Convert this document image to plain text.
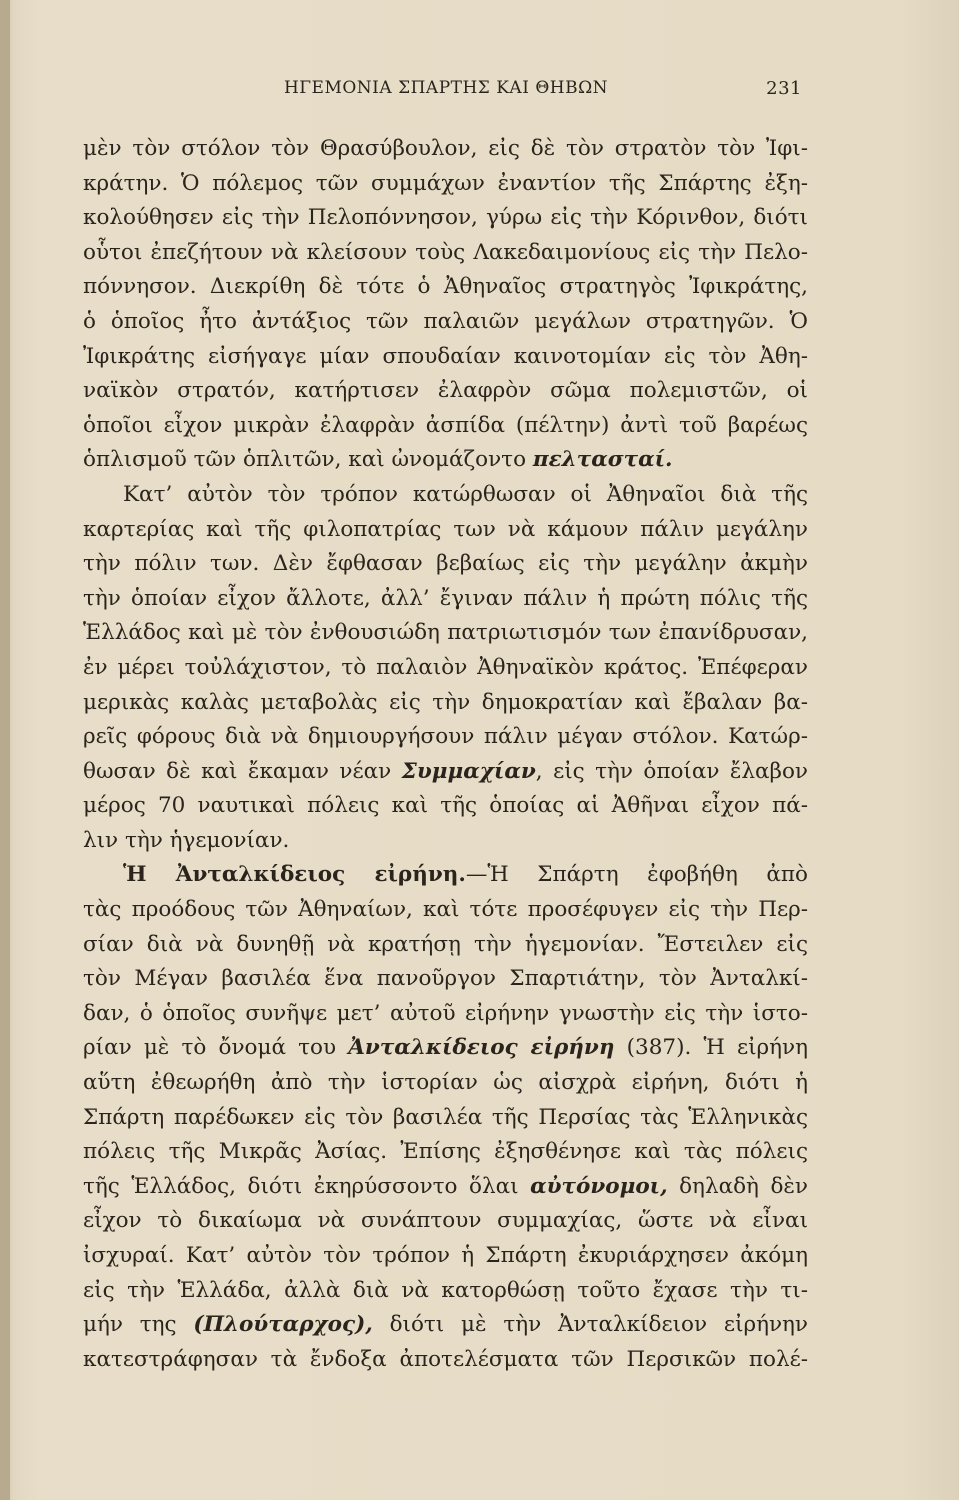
ΗΓΕΜΟΝΙΑ ΣΠΑΡΤΗΣ ΚΑΙ ΘΗΒΩΝ	231
μὲν τὸν στόλον τὸν Θρασύβουλον, εἰς δὲ τὸν στρατὸν τὸν Ἰφι-
κράτην. Ὁ πόλεμος τῶν συμμάχων ἐναντίον τῆς Σπάρτης ἐξη-
κολούθησεν εἰς τὴν Πελοπόννησον, γύρω εἰς τὴν Κόρινθον, διότι
οὗτοι ἐπεζήτουν νὰ κλείσουν τοὺς Λακεδαιμονίους εἰς τὴν Πελο-
πόννησον. Διεκρίθη δὲ τότε ὁ Ἀθηναῖος στρατηγὸς Ἰφικράτης,
ὁ ὁποῖος ἦτο ἀντάξιος τῶν παλαιῶν μεγάλων στρατηγῶν. Ὁ
Ἰφικράτης εἰσήγαγε μίαν σπουδαίαν καινοτομίαν εἰς τὸν Ἀθη-
ναϊκὸν στρατόν, κατήρτισεν ἐλαφρὸν σῶμα πολεμιστῶν, οἱ
ὁποῖοι εἶχον μικρὰν ἐλαφρὰν ἀσπίδα (πέλτην) ἀντὶ τοῦ βαρέως
ὁπλισμοῦ τῶν ὁπλιτῶν, καὶ ὠνομάζοντο πελτασταί.
Κατ’ αὐτὸν τὸν τρόπον κατώρθωσαν οἱ Ἀθηναῖοι διὰ τῆς
καρτερίας καὶ τῆς φιλοπατρίας των νὰ κάμουν πάλιν μεγάλην
τὴν πόλιν των. Δὲν ἔφθασαν βεβαίως εἰς τὴν μεγάλην ἀκμὴν
τὴν ὁποίαν εἶχον ἄλλοτε, ἀλλ’ ἔγιναν πάλιν ἡ πρώτη πόλις τῆς
Ἑλλάδος καὶ μὲ τὸν ἐνθουσιώδη πατριωτισμόν των ἐπανίδρυσαν,
ἐν μέρει τοὐλάχιστον, τὸ παλαιὸν Ἀθηναϊκὸν κράτος. Ἐπέφεραν
μερικὰς καλὰς μεταβολὰς εἰς τὴν δημοκρατίαν καὶ ἔβαλαν βα-
ρεῖς φόρους διὰ νὰ δημιουργήσουν πάλιν μέγαν στόλον. Κατώρ-
θωσαν δὲ καὶ ἔκαμαν νέαν Συμμαχίαν, εἰς τὴν ὁποίαν ἔλαβον
μέρος 70 ναυτικαὶ πόλεις καὶ τῆς ὁποίας αἱ Ἀθῆναι εἶχον πά-
λιν τὴν ἡγεμονίαν.
Ἡ Ἀνταλκίδειος εἰρήνη.—Ἡ Σπάρτη ἐφοβήθη ἀπὸ
τὰς προόδους τῶν Ἀθηναίων, καὶ τότε προσέφυγεν εἰς τὴν Περ-
σίαν διὰ νὰ δυνηθῇ νὰ κρατήσῃ τὴν ἡγεμονίαν. Ἔστειλεν εἰς
τὸν Μέγαν βασιλέα ἕνα πανοῦργον Σπαρτιάτην, τὸν Ἀνταλκί-
δαν, ὁ ὁποῖος συνῆψε μετ’ αὐτοῦ εἰρήνην γνωστὴν εἰς τὴν ἱστο-
ρίαν μὲ τὸ ὄνομά του Ἀνταλκίδειος εἰρήνη (387). Ἡ εἰρήνη
αὕτη ἐθεωρήθη ἀπὸ τὴν ἱστορίαν ὡς αἰσχρὰ εἰρήνη, διότι ἡ
Σπάρτη παρέδωκεν εἰς τὸν βασιλέα τῆς Περσίας τὰς Ἑλληνικὰς
πόλεις τῆς Μικρᾶς Ἀσίας. Ἐπίσης ἐξησθένησε καὶ τὰς πόλεις
τῆς Ἑλλάδος, διότι ἐκηρύσσοντο ὅλαι αὐτόνομοι, δηλαδὴ δὲν
εἶχον τὸ δικαίωμα νὰ συνάπτουν συμμαχίας, ὥστε νὰ εἶναι
ἰσχυραί. Κατ’ αὐτὸν τὸν τρόπον ἡ Σπάρτη ἐκυριάρχησεν ἀκόμη
εἰς τὴν Ἑλλάδα, ἀλλὰ διὰ νὰ κατορθώσῃ τοῦτο ἔχασε τὴν τι-
μήν της (Πλούταρχος), διότι μὲ τὴν Ἀνταλκίδειον εἰρήνην
κατεστράφησαν τὰ ἔνδοξα ἀποτελέσματα τῶν Περσικῶν πολέ-
